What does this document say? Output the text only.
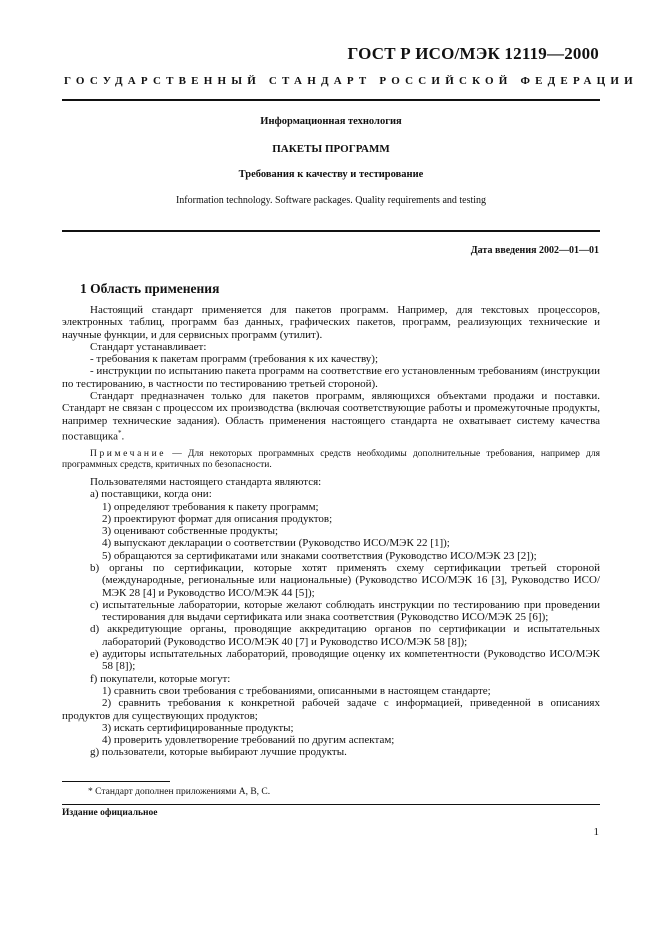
ГОСТ Р ИСО/МЭК 12119—2000
ГОСУДАРСТВЕННЫЙ СТАНДАРТ РОССИЙСКОЙ ФЕДЕРАЦИИ
Информационная технология
ПАКЕТЫ ПРОГРАММ
Требования к качеству и тестирование
Information technology. Software packages. Quality requirements and testing
Дата введения 2002—01—01
1 Область применения

Настоящий стандарт применяется для пакетов программ. Например, для текстовых процессоров, электронных таблиц, программ баз данных, графических пакетов, программ, реализующих технические и научные функции, и для сервисных программ (утилит).

Стандарт устанавливает:

- требования к пакетам программ (требования к их качеству);

- инструкции по испытанию пакета программ на соответствие его установленным требованиям (инструкции по тестированию, в частности по тестированию третьей стороной).

Стандарт предназначен только для пакетов программ, являющихся объектами продажи и поставки. Стандарт не связан с процессом их производства (включая соответствующие работы и промежуточные продукты, например технические задания). Область применения настоящего стандарта не охватывает систему качества поставщика*.

Примечание — Для некоторых программных средств необходимы дополнительные требования, например для программных средств, критичных по безопасности.

Пользователями настоящего стандарта являются:

а) поставщики, когда они:

1) определяют требования к пакету программ;

2) проектируют формат для описания продуктов;

3) оценивают собственные продукты;

4) выпускают декларации о соответствии (Руководство ИСО/МЭК 22 [1]);

5) обращаются за сертификатами или знаками соответствия (Руководство ИСО/МЭК 23 [2]);

b) органы по сертификации, которые хотят применять схему сертификации третьей стороной (международные, региональные или национальные) (Руководство ИСО/МЭК 16 [3], Руководство ИСО/МЭК 28 [4] и Руководство ИСО/МЭК 44 [5]);

c) испытательные лаборатории, которые желают соблюдать инструкции по тестированию при проведении тестирования для выдачи сертификата или знака соответствия (Руководство ИСО/МЭК 25 [6]);

d) аккредитующие органы, проводящие аккредитацию органов по сертификации и испытательных лабораторий (Руководство ИСО/МЭК 40 [7] и Руководство ИСО/МЭК 58 [8]);

e) аудиторы испытательных лабораторий, проводящие оценку их компетентности (Руководство ИСО/МЭК 58 [8]);

f) покупатели, которые могут:

1) сравнить свои требования с требованиями, описанными в настоящем стандарте;

2) сравнить требования к конкретной рабочей задаче с информацией, приведенной в описаниях продуктов для существующих продуктов;

3) искать сертифицированные продукты;

4) проверить удовлетворение требований по другим аспектам;

g) пользователи, которые выбирают лучшие продукты.

* Стандарт дополнен приложениями А, В, С.
Издание официальное
1
